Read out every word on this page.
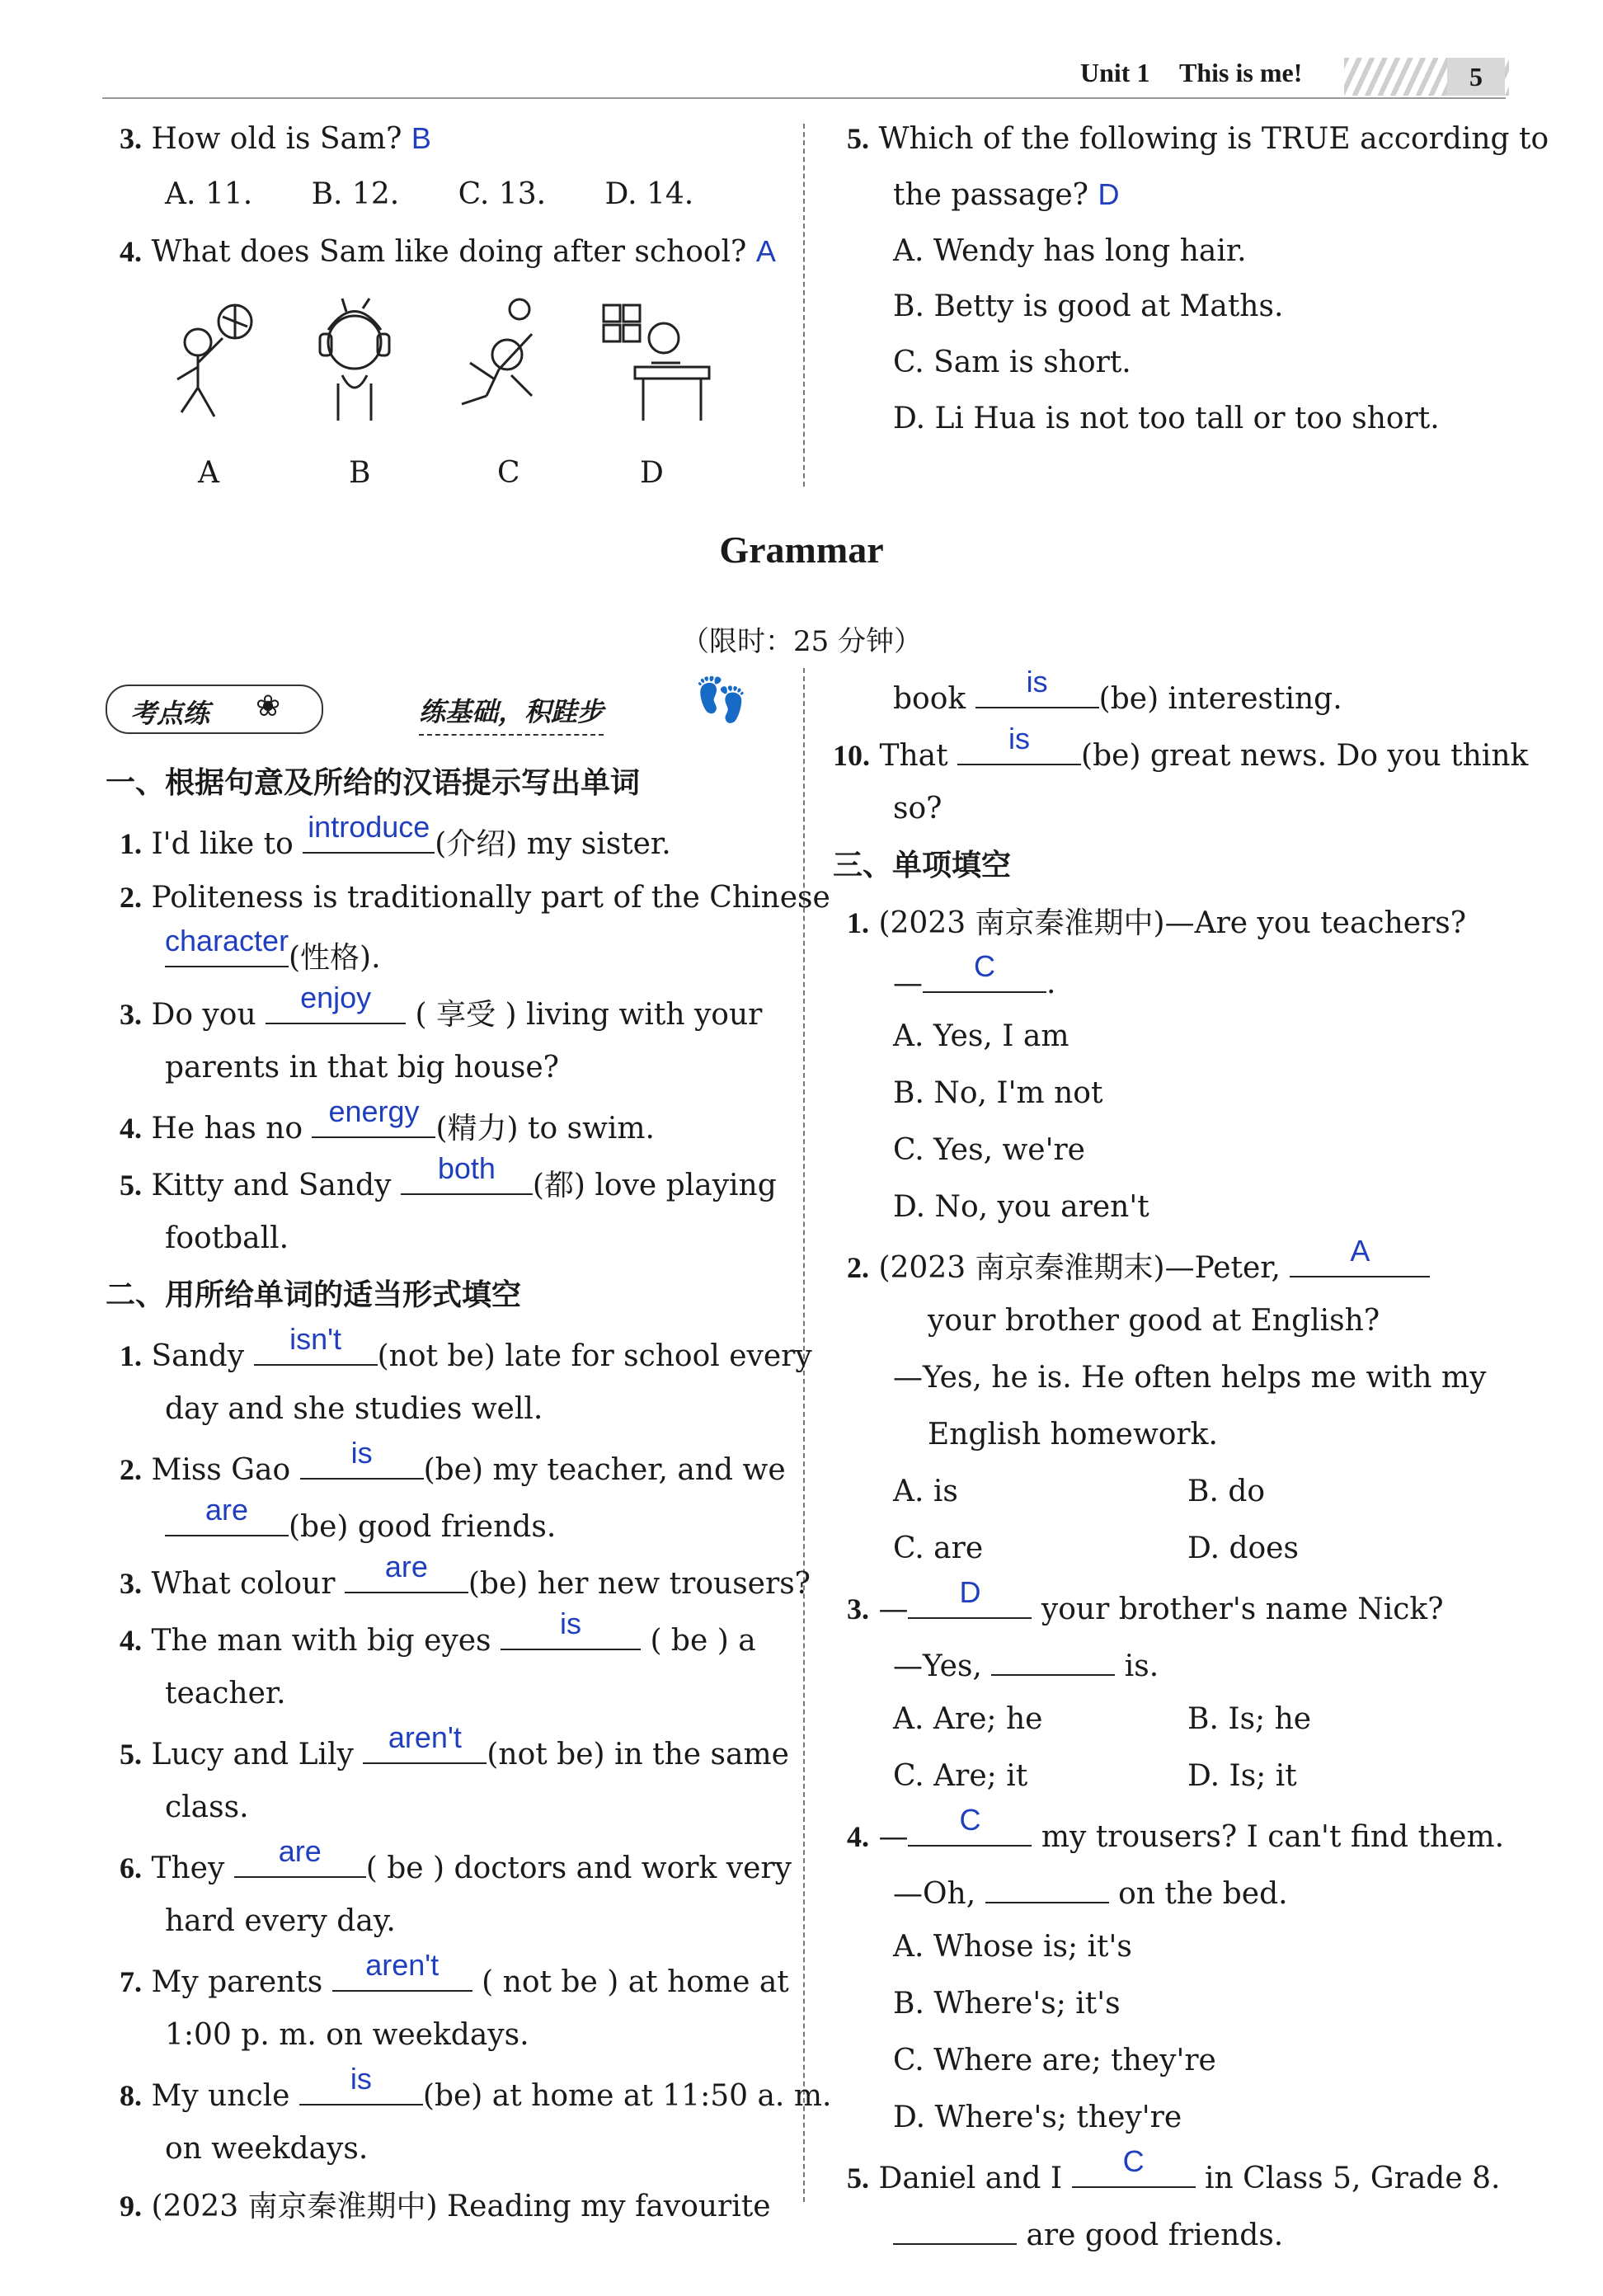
Unit 1 This is me!	5
3. How old is Sam? B
A. 11. B. 12. C. 13. D. 14.
4. What does Sam like doing after school? A
A	B	C	D
5. Which of the following is TRUE according to
the passage? D
A. Wendy has long hair.
B. Betty is good at Maths.
C. Sam is short.
D. Li Hua is not too tall or too short.
Grammar
（限时：25 分钟）
考点练 ❀	练基础，积跬步 👣
一、根据句意及所给的汉语提示写出单词
1. I'd like to
introduce
(介绍) my sister.
2. Politeness is traditionally part of the Chinese
character
(性格).
3. Do you
enjoy
( 享受 ) living with your
parents in that big house?
4. He has no
energy
(精力) to swim.
5. Kitty and Sandy
both
(都) love playing
football.
二、用所给单词的适当形式填空
1. Sandy
isn't
(not be) late for school every
day and she studies well.
2. Miss Gao
is
(be) my teacher, and we
are
(be) good friends.
3. What colour
are
(be) her new trousers?
4. The man with big eyes
is
( be ) a
teacher.
5. Lucy and Lily
aren't
(not be) in the same
class.
6. They
are
( be ) doctors and work very
hard every day.
7. My parents
aren't
( not be ) at home at
1:00 p. m. on weekdays.
8. My uncle
is
(be) at home at 11:50 a. m.
on weekdays.
9. (2023 南京秦淮期中) Reading my favourite
book
is
(be) interesting.
10. That
is
(be) great news. Do you think
so?
三、单项填空
1. (2023 南京秦淮期中)—Are you teachers?
—
C
.
A. Yes, I am
B. No, I'm not
C. Yes, we're
D. No, you aren't
2. (2023 南京秦淮期末)—Peter,
A
your brother good at English?
—Yes, he is. He often helps me with my
English homework.
A. is	B. do
C. are	D. does
3. —
D
your brother's name Nick?
—Yes,	is.
A. Are; he	B. Is; he
C. Are; it	D. Is; it
4. —
C
my trousers? I can't find them.
—Oh,	on the bed.
A. Whose is; it's
B. Where's; it's
C. Where are; they're
D. Where's; they're
5. Daniel and I
C
in Class 5, Grade 8.
are good friends.
